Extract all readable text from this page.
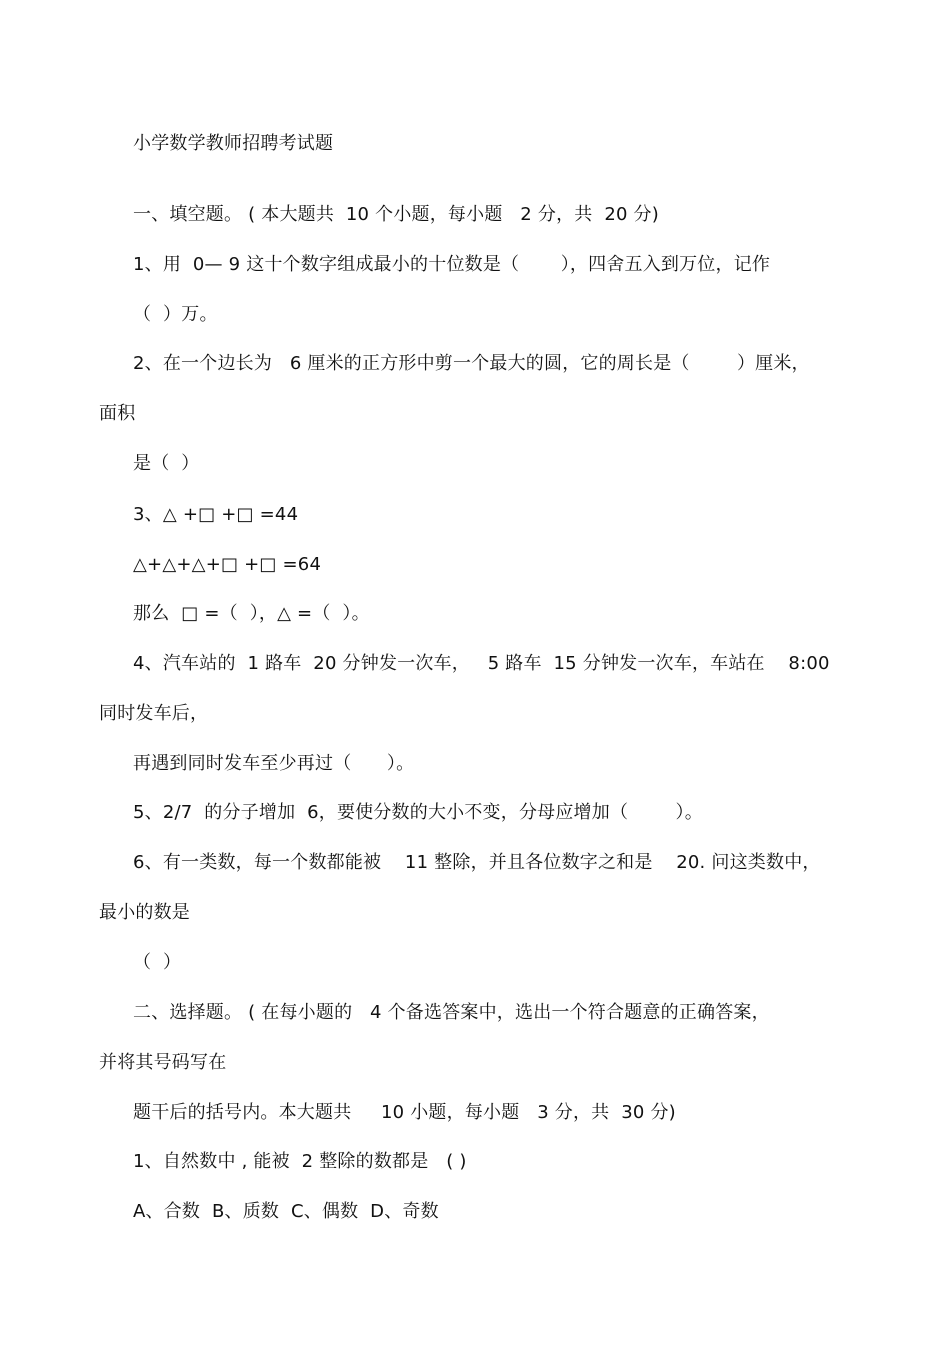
小学数学教师招聘考试题
一、填空题。 ( 本大题共  10 个小题，每小题   2 分，共  20 分)
1、用  0— 9 这十个数字组成最小的十位数是（       ），四舍五入到万位，记作
（  ）万。
2、在一个边长为   6 厘米的正方形中剪一个最大的圆，它的周长是（        ）厘米，
面积
是（  ）
3、△ +□ +□ =44
△+△+△+□ +□ =64
那么  □ =（  ），△ =（  ）。
4、汽车站的  1 路车  20 分钟发一次车，   5 路车  15 分钟发一次车，车站在    8:00
同时发车后，
再遇到同时发车至少再过（      ）。
5、2/7  的分子增加  6，要使分数的大小不变，分母应增加（        ）。
6、有一类数，每一个数都能被    11 整除，并且各位数字之和是    20. 问这类数中，
最小的数是
（  ）
二、选择题。 ( 在每小题的   4 个备选答案中，选出一个符合题意的正确答案，
并将其号码写在
题干后的括号内。本大题共     10 小题，每小题   3 分，共  30 分)
1、自然数中 , 能被  2 整除的数都是   ( )
A、合数  B、质数  C、偶数  D、奇数
